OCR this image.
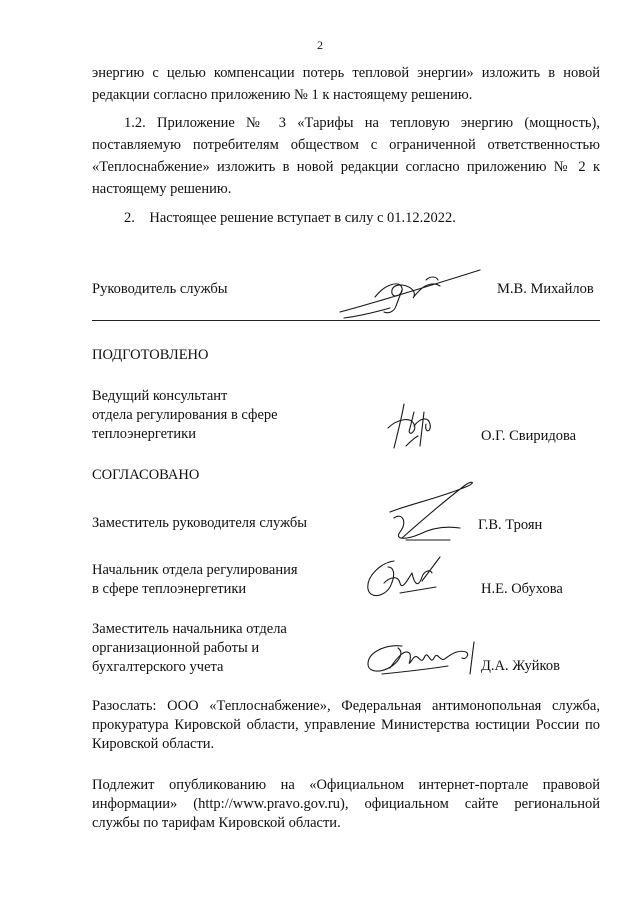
2
энергию с целью компенсации потерь тепловой энергии» изложить в новой редакции согласно приложению № 1 к настоящему решению.
1.2. Приложение № 3 «Тарифы на тепловую энергию (мощность), поставляемую потребителям обществом с ограниченной ответственностью «Теплоснабжение» изложить в новой редакции согласно приложению № 2 к настоящему решению.
2.    Настоящее решение вступает в силу с 01.12.2022.
Руководитель службы	М.В. Михайлов
ПОДГОТОВЛЕНО
Ведущий консультант
отдела регулирования в сфере
теплоэнергетики	О.Г. Свиридова
СОГЛАСОВАНО
Заместитель руководителя службы	Г.В. Троян
Начальник отдела регулирования
в сфере теплоэнергетики	Н.Е. Обухова
Заместитель начальника отдела
организационной работы и
бухгалтерского учета	Д.А. Жуйков
Разослать: ООО «Теплоснабжение», Федеральная антимонопольная служба, прокуратура Кировской области, управление Министерства юстиции России по Кировской области.
Подлежит опубликованию на «Официальном интернет-портале правовой информации» (http://www.pravo.gov.ru), официальном сайте региональной службы по тарифам Кировской области.
